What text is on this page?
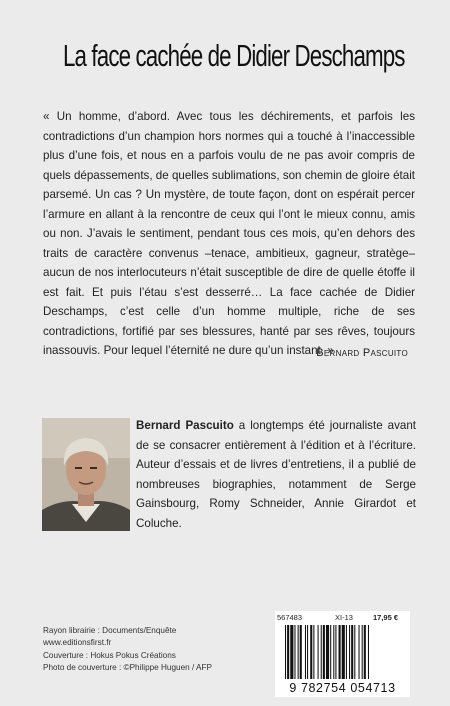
La face cachée de Didier Deschamps
« Un homme, d’abord. Avec tous les déchirements, et parfois les contradictions d’un champion hors normes qui a touché à l’inaccessible plus d’une fois, et nous en a parfois voulu de ne pas avoir compris de quels dépassements, de quelles sublimations, son chemin de gloire était parsemé. Un cas ? Un mystère, de toute façon, dont on espérait percer l’armure en allant à la rencontre de ceux qui l’ont le mieux connu, amis ou non. J’avais le sentiment, pendant tous ces mois, qu’en dehors des traits de caractère convenus –tenace, ambitieux, gagneur, stratège– aucun de nos interlocuteurs n’était susceptible de dire de quelle étoffe il est fait. Et puis l’étau s’est desserré… La face cachée de Didier Deschamps, c’est celle d’un homme multiple, riche de ses contradictions, fortifié par ses blessures, hanté par ses rêves, toujours inassouvis. Pour lequel l’éternité ne dure qu’un instant. »
Bernard Pascuito
Bernard Pascuito a longtemps été journaliste avant de se consacrer entièrement à l’édition et à l’écriture. Auteur d’essais et de livres d’entretiens, il a publié de nombreuses biographies, notamment de Serge Gainsbourg, Romy Schneider, Annie Girardot et Coluche.
Rayon librairie : Documents/Enquête
www.editionsfirst.fr
Couverture : Hokus Pokus Créations
Photo de couverture : ©Philippe Huguen / AFP
567483	XI-13	17,95 €
9 782754 054713
